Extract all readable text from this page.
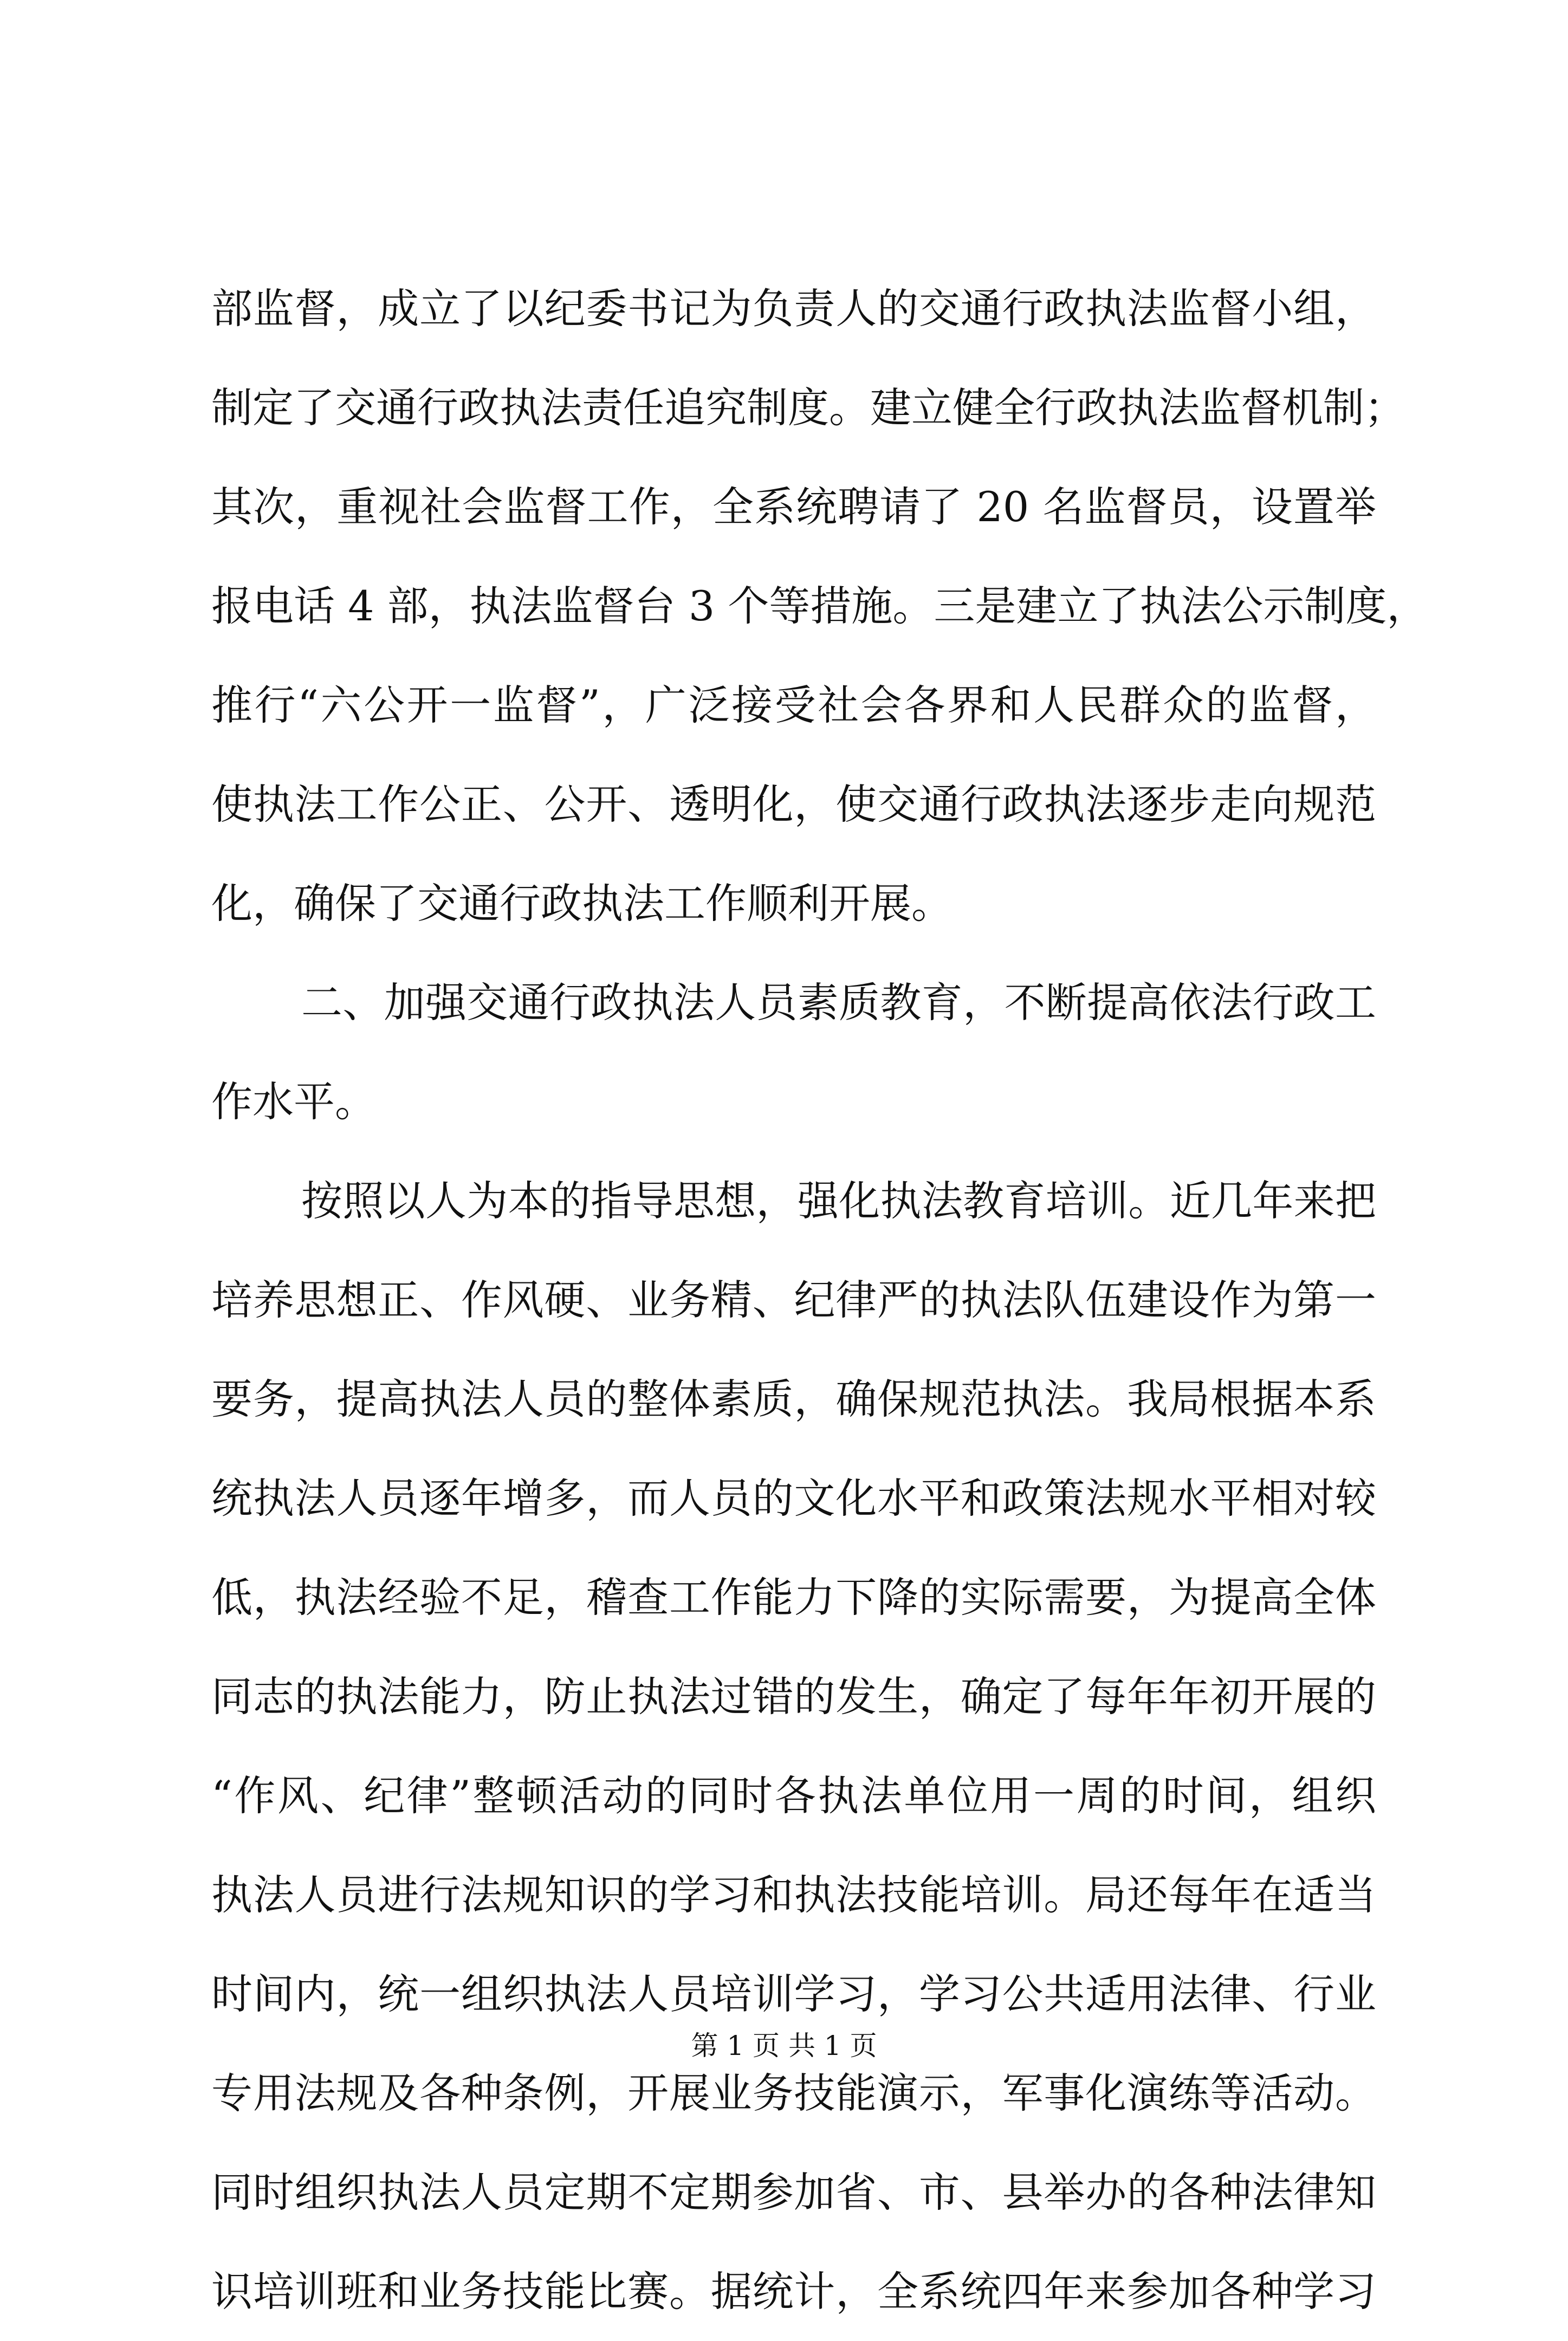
部监督，成立了以纪委书记为负责人的交通行政执法监督小组，
制定了交通行政执法责任追究制度。建立健全行政执法监督机制；
其次，重视社会监督工作，全系统聘请了 20 名监督员，设置举
报电话 4 部，执法监督台 3 个等措施。三是建立了执法公示制度，
推行“六公开一监督”，广泛接受社会各界和人民群众的监督，
使执法工作公正、公开、透明化，使交通行政执法逐步走向规范
化，确保了交通行政执法工作顺利开展。
二、加强交通行政执法人员素质教育，不断提高依法行政工
作水平。
按照以人为本的指导思想，强化执法教育培训。近几年来把
培养思想正、作风硬、业务精、纪律严的执法队伍建设作为第一
要务，提高执法人员的整体素质，确保规范执法。我局根据本系
统执法人员逐年增多，而人员的文化水平和政策法规水平相对较
低，执法经验不足，稽查工作能力下降的实际需要，为提高全体
同志的执法能力，防止执法过错的发生，确定了每年年初开展的
“作风、纪律”整顿活动的同时各执法单位用一周的时间，组织
执法人员进行法规知识的学习和执法技能培训。局还每年在适当
时间内，统一组织执法人员培训学习，学习公共适用法律、行业
专用法规及各种条例，开展业务技能演示，军事化演练等活动。
同时组织执法人员定期不定期参加省、市、县举办的各种法律知
识培训班和业务技能比赛。据统计，全系统四年来参加各种学习
第 1 页 共 1 页
